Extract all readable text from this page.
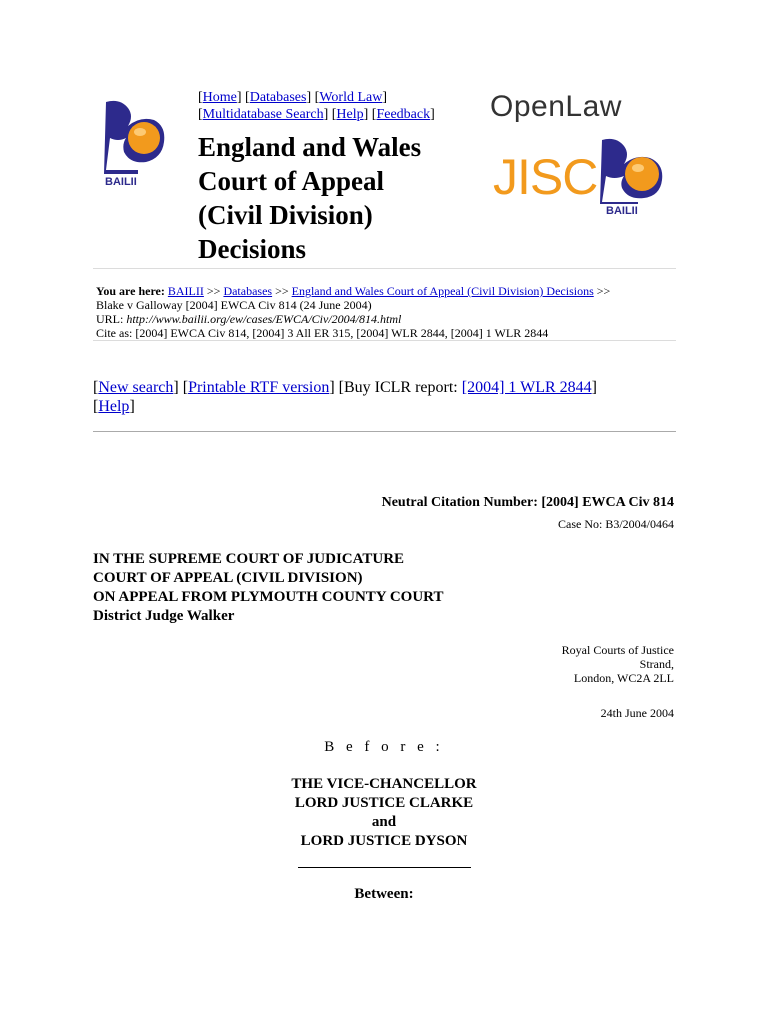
BAILII
[Home] [Databases] [World Law]
[Multidatabase Search] [Help] [Feedback]
England and Wales
Court of Appeal
(Civil Division)
Decisions
OpenLaw
JISC
BAILII
You are here: BAILII >> Databases >> England and Wales Court of Appeal (Civil Division) Decisions >>
Blake v Galloway [2004] EWCA Civ 814 (24 June 2004)
URL: http://www.bailii.org/ew/cases/EWCA/Civ/2004/814.html
Cite as: [2004] EWCA Civ 814, [2004] 3 All ER 315, [2004] WLR 2844, [2004] 1 WLR 2844
[New search] [Printable RTF version] [Buy ICLR report: [2004] 1 WLR 2844]
[Help]
Neutral Citation Number: [2004] EWCA Civ 814
Case No: B3/2004/0464
IN THE SUPREME COURT OF JUDICATURE
COURT OF APPEAL (CIVIL DIVISION)
ON APPEAL FROM PLYMOUTH COUNTY COURT
District Judge Walker
Royal Courts of Justice
Strand,
London, WC2A 2LL
24th June 2004
B e f o r e :
THE VICE-CHANCELLOR
LORD JUSTICE CLARKE
and
LORD JUSTICE DYSON
Between:
